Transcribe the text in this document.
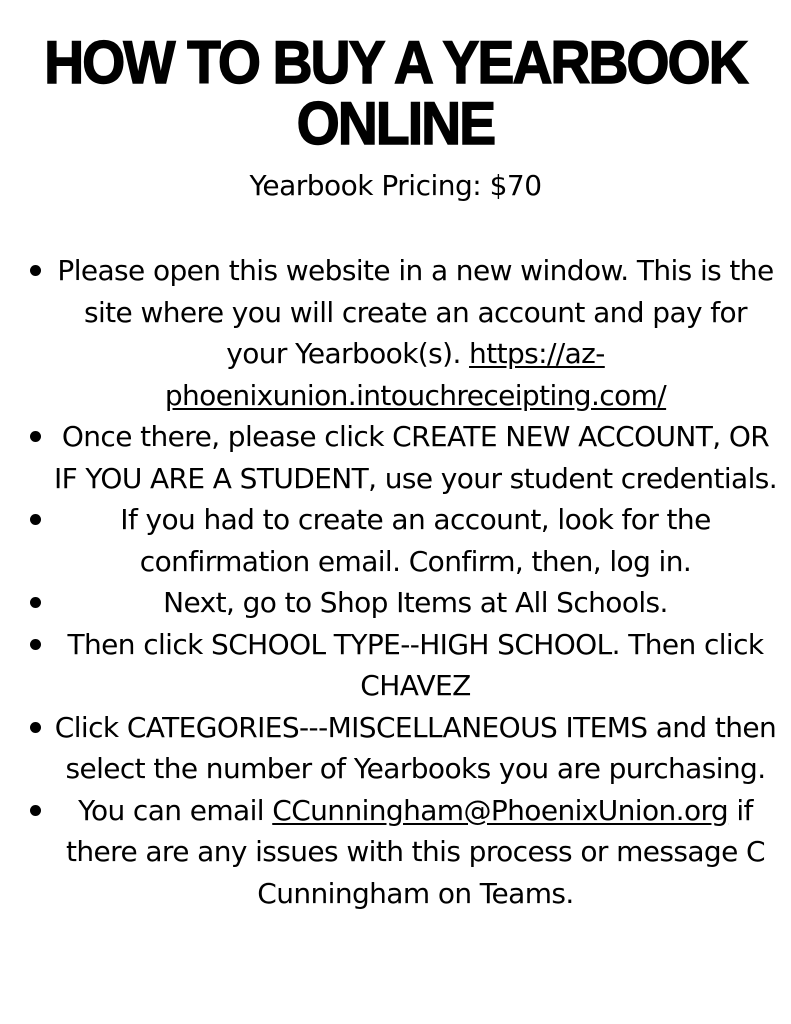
HOW TO BUY A YEARBOOK
ONLINE
Yearbook Pricing: $70
Please open this website in a new window. This is the site where you will create an account and pay for your Yearbook(s). https://az-phoenixunion.intouchreceipting.com/
Once there, please click CREATE NEW ACCOUNT, OR IF YOU ARE A STUDENT, use your student credentials.
If you had to create an account, look for the confirmation email. Confirm, then, log in.
Next, go to Shop Items at All Schools.
Then click SCHOOL TYPE--HIGH SCHOOL. Then click CHAVEZ
Click CATEGORIES---MISCELLANEOUS ITEMS and then select the number of Yearbooks you are purchasing.
You can email CCunningham@PhoenixUnion.org if there are any issues with this process or message C Cunningham on Teams.
